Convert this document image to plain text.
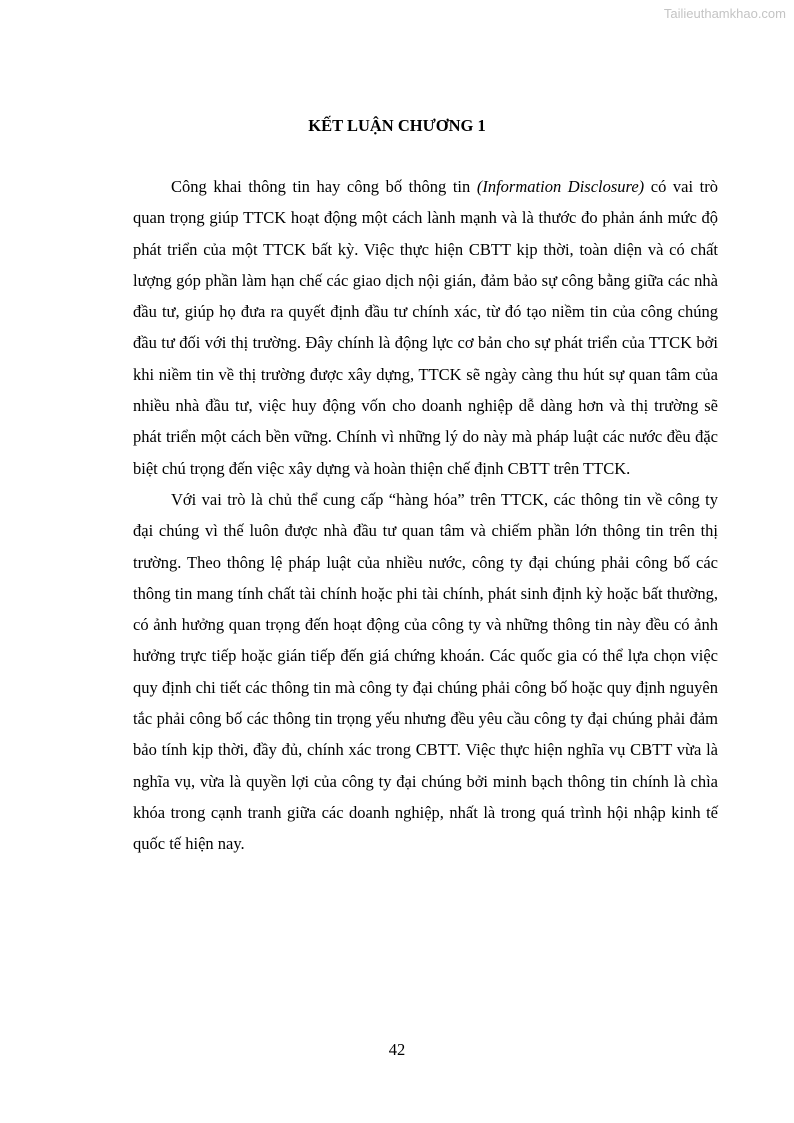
Tailieuthamkhao.com
KẾT LUẬN CHƯƠNG 1

Công khai thông tin hay công bố thông tin (Information Disclosure) có vai trò quan trọng giúp TTCK hoạt động một cách lành mạnh và là thước đo phản ánh mức độ phát triển của một TTCK bất kỳ. Việc thực hiện CBTT kịp thời, toàn diện và có chất lượng góp phần làm hạn chế các giao dịch nội gián, đảm bảo sự công bằng giữa các nhà đầu tư, giúp họ đưa ra quyết định đầu tư chính xác, từ đó tạo niềm tin của công chúng đầu tư đối với thị trường. Đây chính là động lực cơ bản cho sự phát triển của TTCK bởi khi niềm tin về thị trường được xây dựng, TTCK sẽ ngày càng thu hút sự quan tâm của nhiều nhà đầu tư, việc huy động vốn cho doanh nghiệp dễ dàng hơn và thị trường sẽ phát triển một cách bền vững. Chính vì những lý do này mà pháp luật các nước đều đặc biệt chú trọng đến việc xây dựng và hoàn thiện chế định CBTT trên TTCK.

Với vai trò là chủ thể cung cấp “hàng hóa” trên TTCK, các thông tin về công ty đại chúng vì thế luôn được nhà đầu tư quan tâm và chiếm phần lớn thông tin trên thị trường. Theo thông lệ pháp luật của nhiều nước, công ty đại chúng phải công bố các thông tin mang tính chất tài chính hoặc phi tài chính, phát sinh định kỳ hoặc bất thường, có ảnh hưởng quan trọng đến hoạt động của công ty và những thông tin này đều có ảnh hưởng trực tiếp hoặc gián tiếp đến giá chứng khoán. Các quốc gia có thể lựa chọn việc quy định chi tiết các thông tin mà công ty đại chúng phải công bố hoặc quy định nguyên tắc phải công bố các thông tin trọng yếu nhưng đều yêu cầu công ty đại chúng phải đảm bảo tính kịp thời, đầy đủ, chính xác trong CBTT. Việc thực hiện nghĩa vụ CBTT vừa là nghĩa vụ, vừa là quyền lợi của công ty đại chúng bởi minh bạch thông tin chính là chìa khóa trong cạnh tranh giữa các doanh nghiệp, nhất là trong quá trình hội nhập kinh tế quốc tế hiện nay.

42
